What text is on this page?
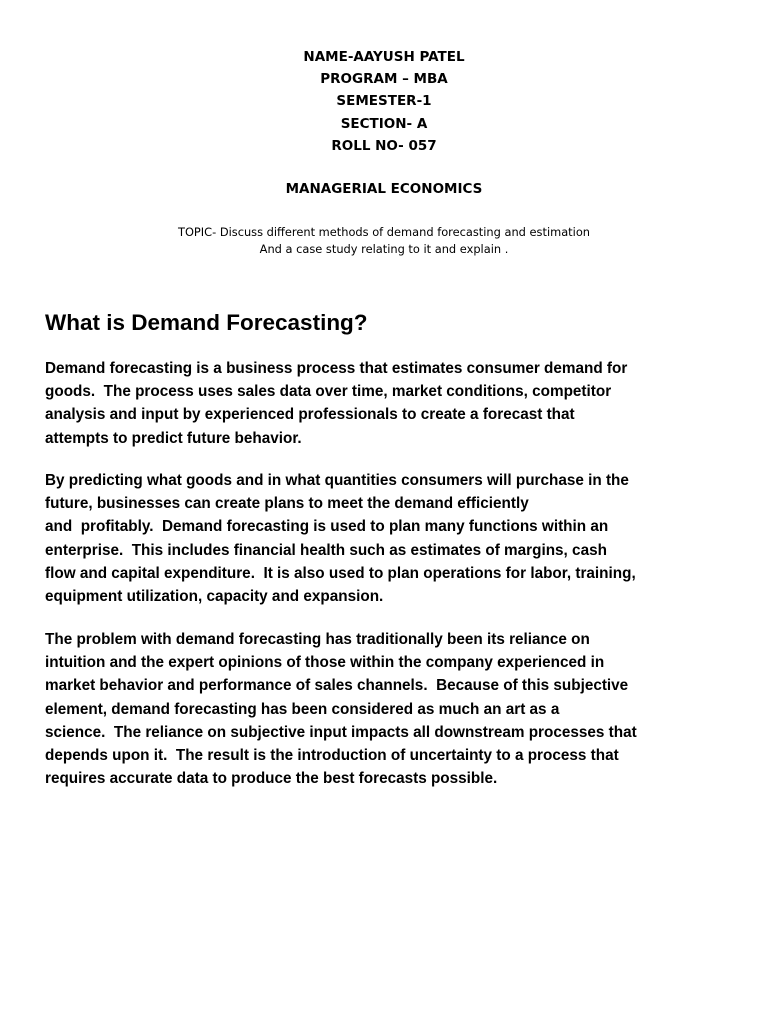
NAME-AAYUSH PATEL
PROGRAM – MBA
SEMESTER-1
SECTION- A
ROLL NO- 057
MANAGERIAL ECONOMICS
TOPIC- Discuss different methods of demand forecasting and estimation
And a case study relating to it and explain .
What is Demand Forecasting?

Demand forecasting is a business process that estimates consumer demand for
goods.  The process uses sales data over time, market conditions, competitor
analysis and input by experienced professionals to create a forecast that
attempts to predict future behavior.

By predicting what goods and in what quantities consumers will purchase in the
future, businesses can create plans to meet the demand efficiently
and  profitably.  Demand forecasting is used to plan many functions within an
enterprise.  This includes financial health such as estimates of margins, cash
flow and capital expenditure.  It is also used to plan operations for labor, training,
equipment utilization, capacity and expansion.

The problem with demand forecasting has traditionally been its reliance on
intuition and the expert opinions of those within the company experienced in
market behavior and performance of sales channels.  Because of this subjective
element, demand forecasting has been considered as much an art as a
science.  The reliance on subjective input impacts all downstream processes that
depends upon it.  The result is the introduction of uncertainty to a process that
requires accurate data to produce the best forecasts possible.
